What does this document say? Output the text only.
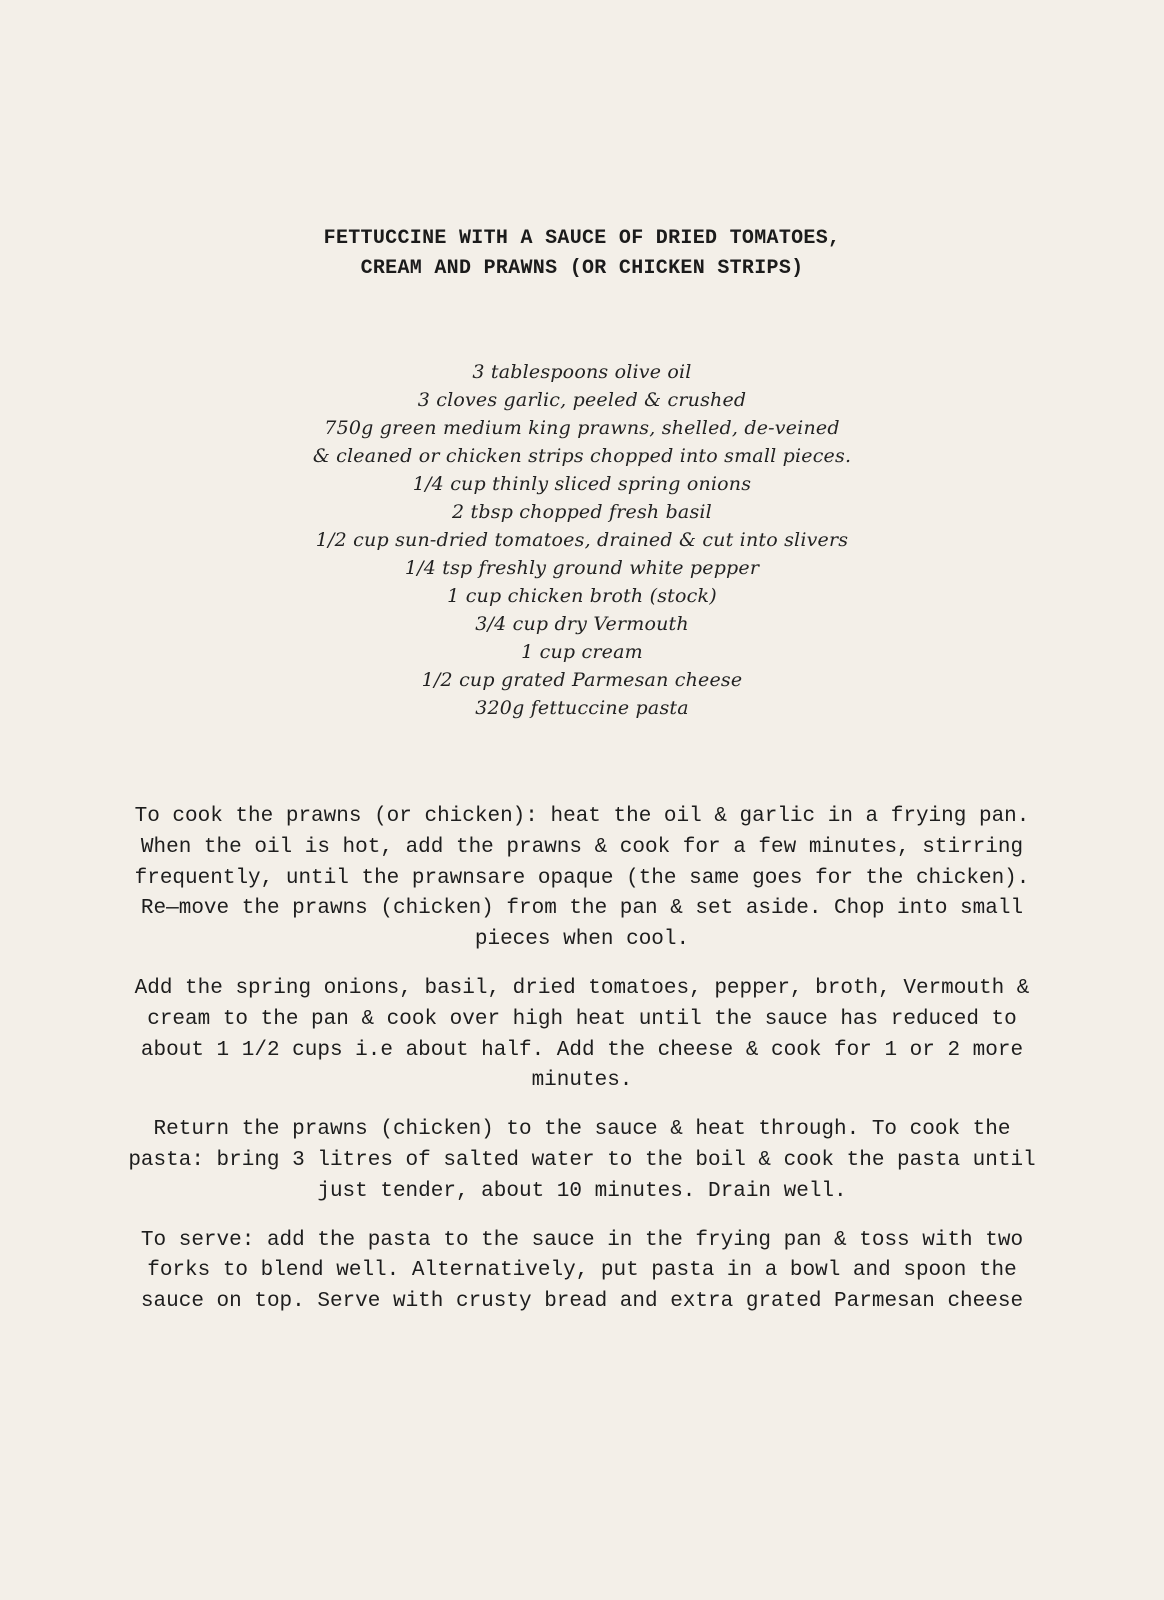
FETTUCCINE WITH A SAUCE OF DRIED TOMATOES,
CREAM AND PRAWNS (OR CHICKEN STRIPS)
3 tablespoons olive oil
3 cloves garlic, peeled & crushed
750g green medium king prawns, shelled, de-veined
& cleaned or chicken strips chopped into small pieces.
1/4 cup thinly sliced spring onions
2 tbsp chopped fresh basil
1/2 cup sun-dried tomatoes, drained & cut into slivers
1/4 tsp freshly ground white pepper
1 cup chicken broth (stock)
3/4 cup dry Vermouth
1 cup cream
1/2 cup grated Parmesan cheese
320g fettuccine pasta

To cook the prawns (or chicken): heat the oil & garlic in a frying pan. When the oil is hot, add the prawns & cook for a few minutes, stirring frequently, until the prawnsare opaque (the same goes for the chicken). Re—move the prawns (chicken) from the pan & set aside. Chop into small pieces when cool.

Add the spring onions, basil, dried tomatoes, pepper, broth, Vermouth & cream to the pan & cook over high heat until the sauce has reduced to about 1 1/2 cups i.e about half. Add the cheese & cook for 1 or 2 more minutes.

Return the prawns (chicken) to the sauce & heat through. To cook the pasta: bring 3 litres of salted water to the boil & cook the pasta until just tender, about 10 minutes. Drain well.

To serve: add the pasta to the sauce in the frying pan & toss with two forks to blend well. Alternatively, put pasta in a bowl and spoon the sauce on top. Serve with crusty bread and extra grated Parmesan cheese
